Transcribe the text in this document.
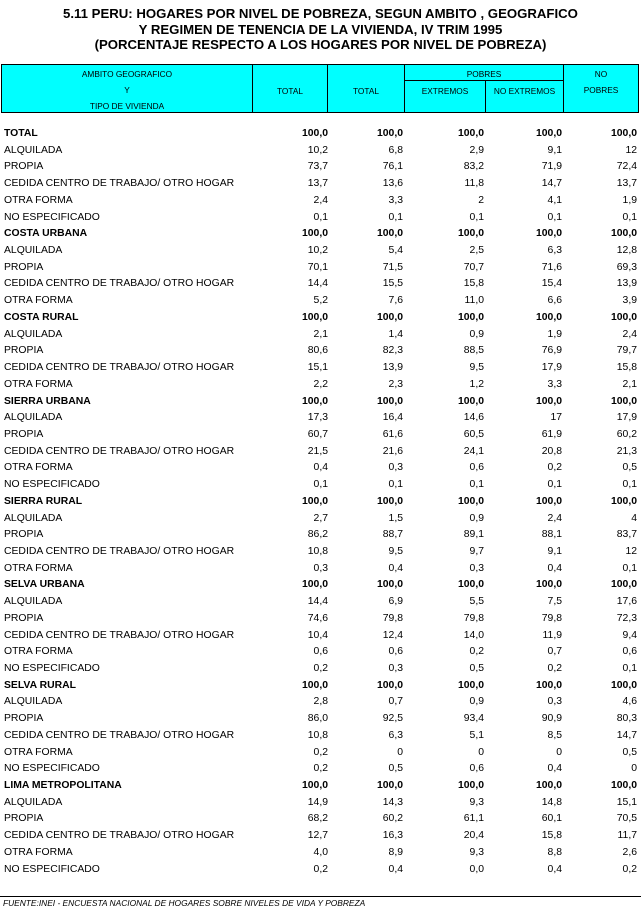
5.11 PERU: HOGARES POR NIVEL DE POBREZA, SEGUN AMBITO , GEOGRAFICO
Y REGIMEN DE TENENCIA DE LA VIVIENDA, IV TRIM 1995
(PORCENTAJE RESPECTO A LOS HOGARES POR NIVEL DE POBREZA)
AMBITO GEOGRAFICO
Y
TIPO DE VIVIENDA
TOTAL	TOTAL
POBRES
EXTREMOS	NO EXTREMOS
NO
POBRES
TOTAL	100,0	100,0	100,0	100,0	100,0
ALQUILADA	10,2	6,8	2,9	9,1	12
PROPIA	73,7	76,1	83,2	71,9	72,4
CEDIDA CENTRO DE TRABAJO/ OTRO HOGAR	13,7	13,6	11,8	14,7	13,7
OTRA FORMA	2,4	3,3	2	4,1	1,9
NO ESPECIFICADO	0,1	0,1	0,1	0,1	0,1
COSTA URBANA	100,0	100,0	100,0	100,0	100,0
ALQUILADA	10,2	5,4	2,5	6,3	12,8
PROPIA	70,1	71,5	70,7	71,6	69,3
CEDIDA CENTRO DE TRABAJO/ OTRO HOGAR	14,4	15,5	15,8	15,4	13,9
OTRA FORMA	5,2	7,6	11,0	6,6	3,9
COSTA RURAL	100,0	100,0	100,0	100,0	100,0
ALQUILADA	2,1	1,4	0,9	1,9	2,4
PROPIA	80,6	82,3	88,5	76,9	79,7
CEDIDA CENTRO DE TRABAJO/ OTRO HOGAR	15,1	13,9	9,5	17,9	15,8
OTRA FORMA	2,2	2,3	1,2	3,3	2,1
SIERRA URBANA	100,0	100,0	100,0	100,0	100,0
ALQUILADA	17,3	16,4	14,6	17	17,9
PROPIA	60,7	61,6	60,5	61,9	60,2
CEDIDA CENTRO DE TRABAJO/ OTRO HOGAR	21,5	21,6	24,1	20,8	21,3
OTRA FORMA	0,4	0,3	0,6	0,2	0,5
NO ESPECIFICADO	0,1	0,1	0,1	0,1	0,1
SIERRA RURAL	100,0	100,0	100,0	100,0	100,0
ALQUILADA	2,7	1,5	0,9	2,4	4
PROPIA	86,2	88,7	89,1	88,1	83,7
CEDIDA CENTRO DE TRABAJO/ OTRO HOGAR	10,8	9,5	9,7	9,1	12
OTRA FORMA	0,3	0,4	0,3	0,4	0,1
SELVA URBANA	100,0	100,0	100,0	100,0	100,0
ALQUILADA	14,4	6,9	5,5	7,5	17,6
PROPIA	74,6	79,8	79,8	79,8	72,3
CEDIDA CENTRO DE TRABAJO/ OTRO HOGAR	10,4	12,4	14,0	11,9	9,4
OTRA FORMA	0,6	0,6	0,2	0,7	0,6
NO ESPECIFICADO	0,2	0,3	0,5	0,2	0,1
SELVA RURAL	100,0	100,0	100,0	100,0	100,0
ALQUILADA	2,8	0,7	0,9	0,3	4,6
PROPIA	86,0	92,5	93,4	90,9	80,3
CEDIDA CENTRO DE TRABAJO/ OTRO HOGAR	10,8	6,3	5,1	8,5	14,7
OTRA FORMA	0,2	0	0	0	0,5
NO ESPECIFICADO	0,2	0,5	0,6	0,4	0
LIMA METROPOLITANA	100,0	100,0	100,0	100,0	100,0
ALQUILADA	14,9	14,3	9,3	14,8	15,1
PROPIA	68,2	60,2	61,1	60,1	70,5
CEDIDA CENTRO DE TRABAJO/ OTRO HOGAR	12,7	16,3	20,4	15,8	11,7
OTRA FORMA	4,0	8,9	9,3	8,8	2,6
NO ESPECIFICADO	0,2	0,4	0,0	0,4	0,2
FUENTE:INEI - ENCUESTA NACIONAL DE HOGARES SOBRE NIVELES DE VIDA Y POBREZA
